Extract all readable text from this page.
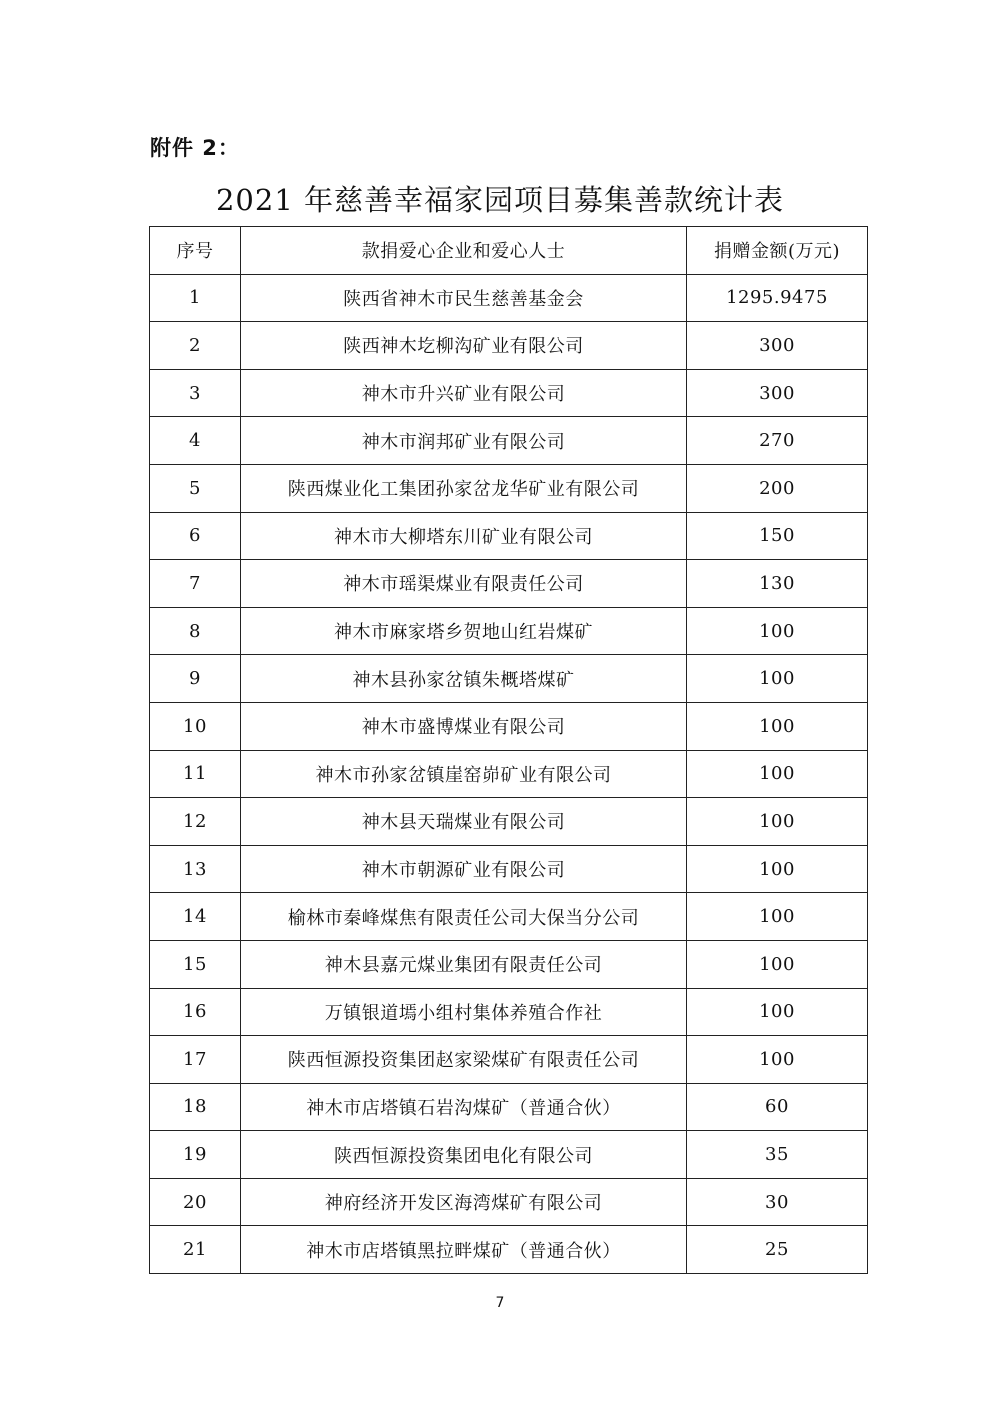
附件 2：
2021 年慈善幸福家园项目募集善款统计表
序号	款捐爱心企业和爱心人士	捐赠金额(万元)
1	陕西省神木市民生慈善基金会	1295.9475
2	陕西神木圪柳沟矿业有限公司	300
3	神木市升兴矿业有限公司	300
4	神木市润邦矿业有限公司	270
5	陕西煤业化工集团孙家岔龙华矿业有限公司	200
6	神木市大柳塔东川矿业有限公司	150
7	神木市瑶渠煤业有限责任公司	130
8	神木市麻家塔乡贺地山红岩煤矿	100
9	神木县孙家岔镇朱概塔煤矿	100
10	神木市盛博煤业有限公司	100
11	神木市孙家岔镇崖窑峁矿业有限公司	100
12	神木县天瑞煤业有限公司	100
13	神木市朝源矿业有限公司	100
14	榆林市秦峰煤焦有限责任公司大保当分公司	100
15	神木县嘉元煤业集团有限责任公司	100
16	万镇银道墕小组村集体养殖合作社	100
17	陕西恒源投资集团赵家梁煤矿有限责任公司	100
18	神木市店塔镇石岩沟煤矿（普通合伙）	60
19	陕西恒源投资集团电化有限公司	35
20	神府经济开发区海湾煤矿有限公司	30
21	神木市店塔镇黑拉畔煤矿（普通合伙）	25
7
